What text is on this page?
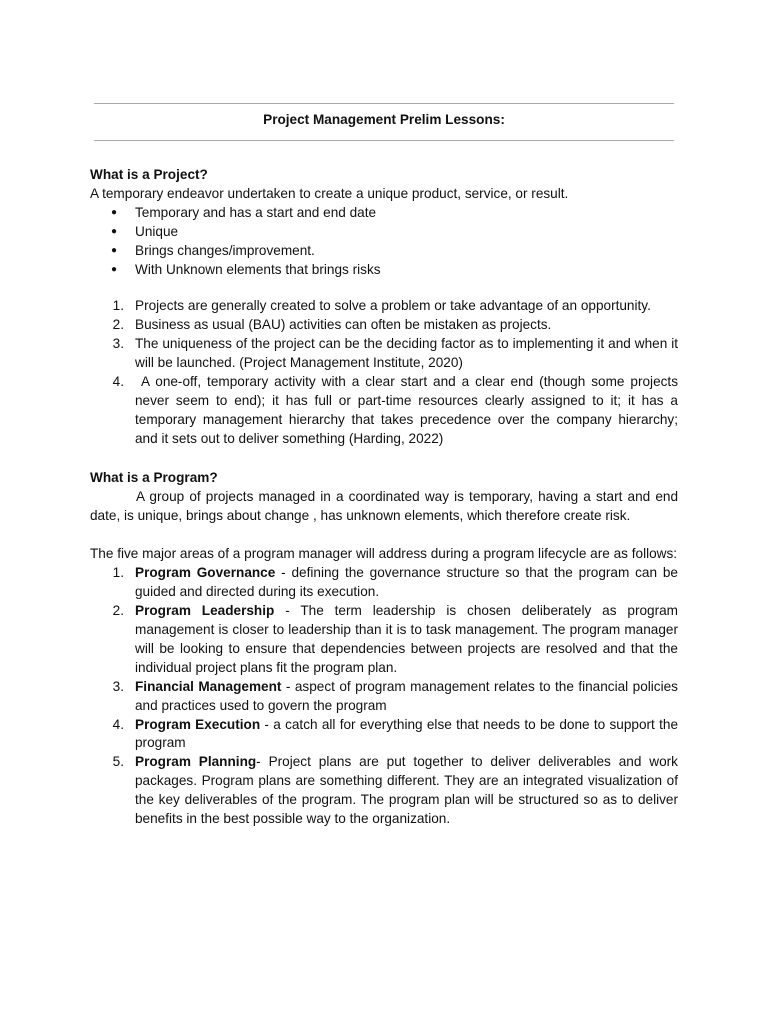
Project Management Prelim Lessons:
What is a Project?

A temporary endeavor undertaken to create a unique product, service, or result.

● Temporary and has a start and end date
● Unique
● Brings changes/improvement.
● With Unknown elements that brings risks
1. Projects are generally created to solve a problem or take advantage of an opportunity.
2. Business as usual (BAU) activities can often be mistaken as projects.
3. The uniqueness of the project can be the deciding factor as to implementing it and when it will be launched. (Project Management Institute, 2020)
4. A one-off, temporary activity with a clear start and a clear end (though some projects never seem to end); it has full or part-time resources clearly assigned to it; it has a temporary management hierarchy that takes precedence over the company hierarchy; and it sets out to deliver something (Harding, 2022)
What is a Program?

A group of projects managed in a coordinated way is temporary, having a start and end date, is unique, brings about change , has unknown elements, which therefore create risk.

The five major areas of a program manager will address during a program lifecycle are as follows:

1. Program Governance - defining the governance structure so that the program can be guided and directed during its execution.
2. Program Leadership - The term leadership is chosen deliberately as program management is closer to leadership than it is to task management. The program manager will be looking to ensure that dependencies between projects are resolved and that the individual project plans fit the program plan.
3. Financial Management - aspect of program management relates to the financial policies and practices used to govern the program
4. Program Execution - a catch all for everything else that needs to be done to support the program
5. Program Planning- Project plans are put together to deliver deliverables and work packages. Program plans are something different. They are an integrated visualization of the key deliverables of the program. The program plan will be structured so as to deliver benefits in the best possible way to the organization.
